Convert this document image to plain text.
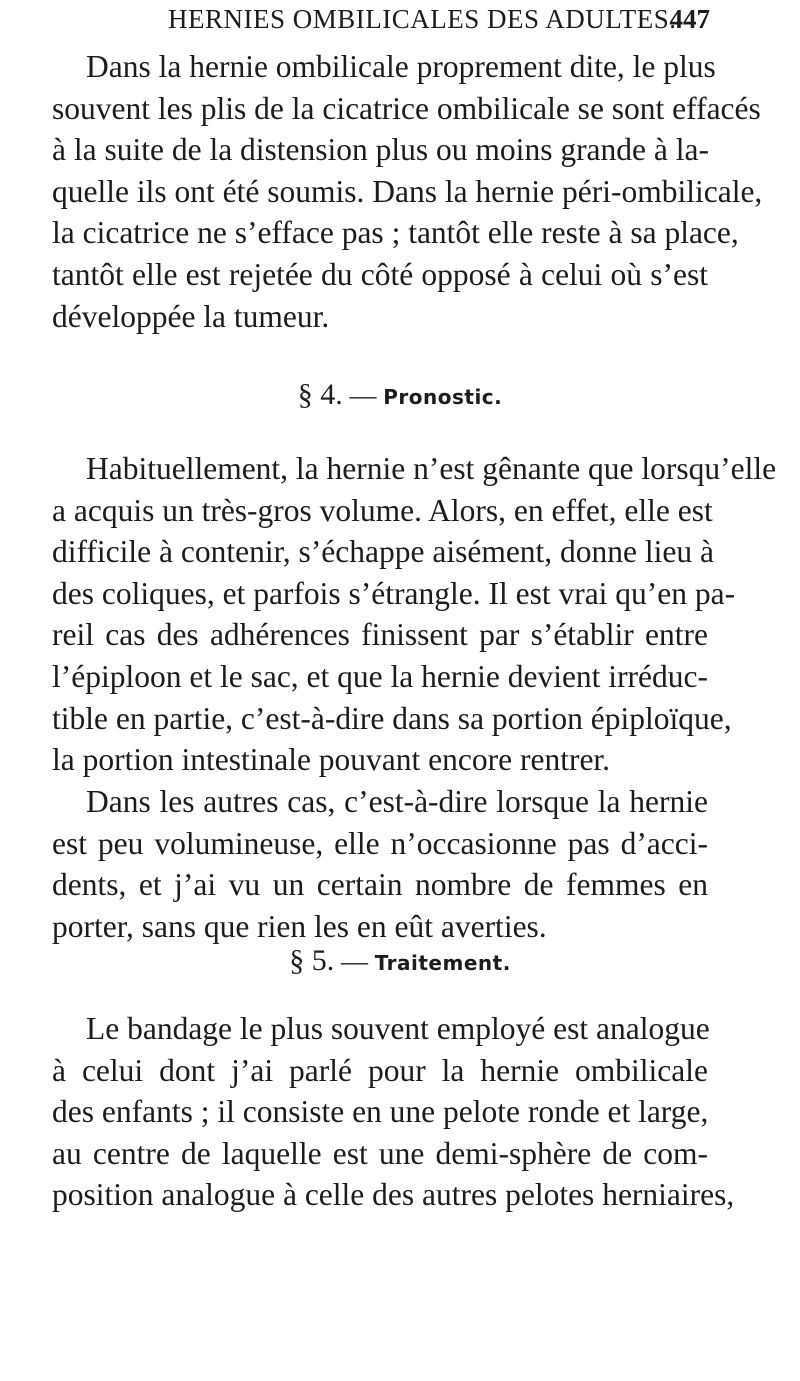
HERNIES OMBILICALES DES ADULTES.
447
Dans la hernie ombilicale proprement dite, le plus
souvent les plis de la cicatrice ombilicale se sont effacés
à la suite de la distension plus ou moins grande à la-
quelle ils ont été soumis. Dans la hernie péri-ombilicale,
la cicatrice ne s’efface pas ; tantôt elle reste à sa place,
tantôt elle est rejetée du côté opposé à celui où s’est
développée la tumeur.
§ 4. — Pronostic.
Habituellement, la hernie n’est gênante que lorsqu’elle
a acquis un très-gros volume. Alors, en effet, elle est
difficile à contenir, s’échappe aisément, donne lieu à
des coliques, et parfois s’étrangle. Il est vrai qu’en pa-
reil cas des adhérences finissent par s’établir entre
l’épiploon et le sac, et que la hernie devient irréduc-
tible en partie, c’est-à-dire dans sa portion épiploïque,
la portion intestinale pouvant encore rentrer.
Dans les autres cas, c’est-à-dire lorsque la hernie
est peu volumineuse, elle n’occasionne pas d’acci-
dents, et j’ai vu un certain nombre de femmes en
porter, sans que rien les en eût averties.
§ 5. — Traitement.
Le bandage le plus souvent employé est analogue
à celui dont j’ai parlé pour la hernie ombilicale
des enfants ; il consiste en une pelote ronde et large,
au centre de laquelle est une demi-sphère de com-
position analogue à celle des autres pelotes herniaires,
